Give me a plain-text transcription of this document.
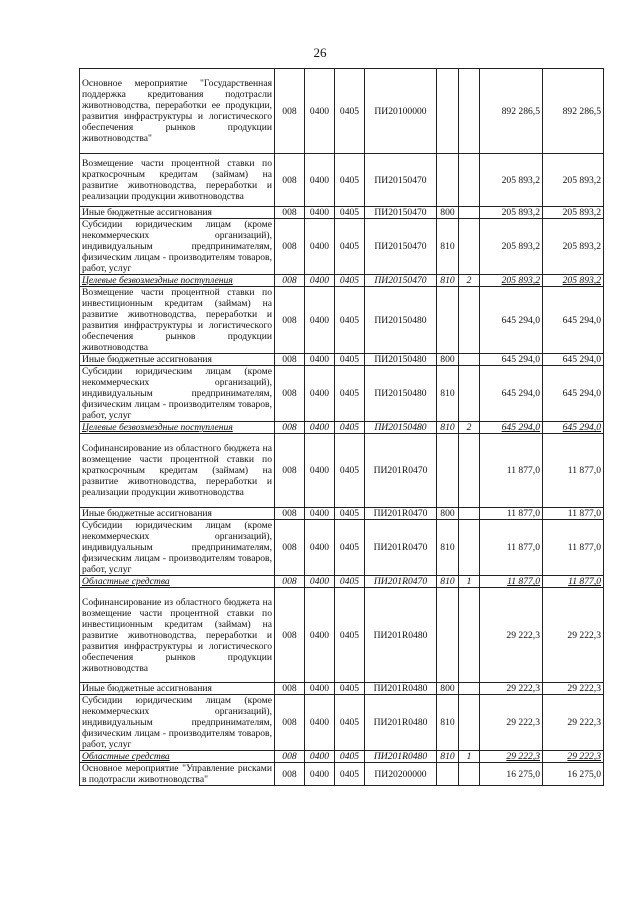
26
Основное мероприятие "Государственная поддержка кредитования подотрасли животноводства, переработки ее продукции, развития инфраструктуры и логистического обеспечения рынков продукции животноводства"	008	0400	0405	ПИ20100000			892 286,5	892 286,5
Возмещение части процентной ставки по краткосрочным кредитам (займам) на развитие животноводства, переработки и реализации продукции животноводства	008	0400	0405	ПИ20150470			205 893,2	205 893,2
Иные бюджетные ассигнования	008	0400	0405	ПИ20150470	800		205 893,2	205 893,2
Субсидии юридическим лицам (кроме некоммерческих организаций), индивидуальным предпринимателям, физическим лицам - производителям товаров, работ, услуг	008	0400	0405	ПИ20150470	810		205 893,2	205 893,2
Целевые безвозмездные поступления	008	0400	0405	ПИ20150470	810	2	205 893,2	205 893,2
Возмещение части процентной ставки по инвестиционным кредитам (займам) на развитие животноводства, переработки и развития инфраструктуры и логистического обеспечения рынков продукции животноводства	008	0400	0405	ПИ20150480			645 294,0	645 294,0
Иные бюджетные ассигнования	008	0400	0405	ПИ20150480	800		645 294,0	645 294,0
Субсидии юридическим лицам (кроме некоммерческих организаций), индивидуальным предпринимателям, физическим лицам - производителям товаров, работ, услуг	008	0400	0405	ПИ20150480	810		645 294,0	645 294,0
Целевые безвозмездные поступления	008	0400	0405	ПИ20150480	810	2	645 294,0	645 294,0
Софинансирование из областного бюджета на возмещение части процентной ставки по краткосрочным кредитам (займам) на развитие животноводства, переработки и реализации продукции животноводства	008	0400	0405	ПИ201R0470			11 877,0	11 877,0
Иные бюджетные ассигнования	008	0400	0405	ПИ201R0470	800		11 877,0	11 877,0
Субсидии юридическим лицам (кроме некоммерческих организаций), индивидуальным предпринимателям, физическим лицам - производителям товаров, работ, услуг	008	0400	0405	ПИ201R0470	810		11 877,0	11 877,0
Областные средства	008	0400	0405	ПИ201R0470	810	1	11 877,0	11 877,0
Софинансирование из областного бюджета на возмещение части процентной ставки по инвестиционным кредитам (займам) на развитие животноводства, переработки и развития инфраструктуры и логистического обеспечения рынков продукции животноводства	008	0400	0405	ПИ201R0480			29 222,3	29 222,3
Иные бюджетные ассигнования	008	0400	0405	ПИ201R0480	800		29 222,3	29 222,3
Субсидии юридическим лицам (кроме некоммерческих организаций), индивидуальным предпринимателям, физическим лицам - производителям товаров, работ, услуг	008	0400	0405	ПИ201R0480	810		29 222,3	29 222,3
Областные средства	008	0400	0405	ПИ201R0480	810	1	29 222,3	29 222,3
Основное мероприятие "Управление рисками в подотрасли животноводства"	008	0400	0405	ПИ20200000			16 275,0	16 275,0
